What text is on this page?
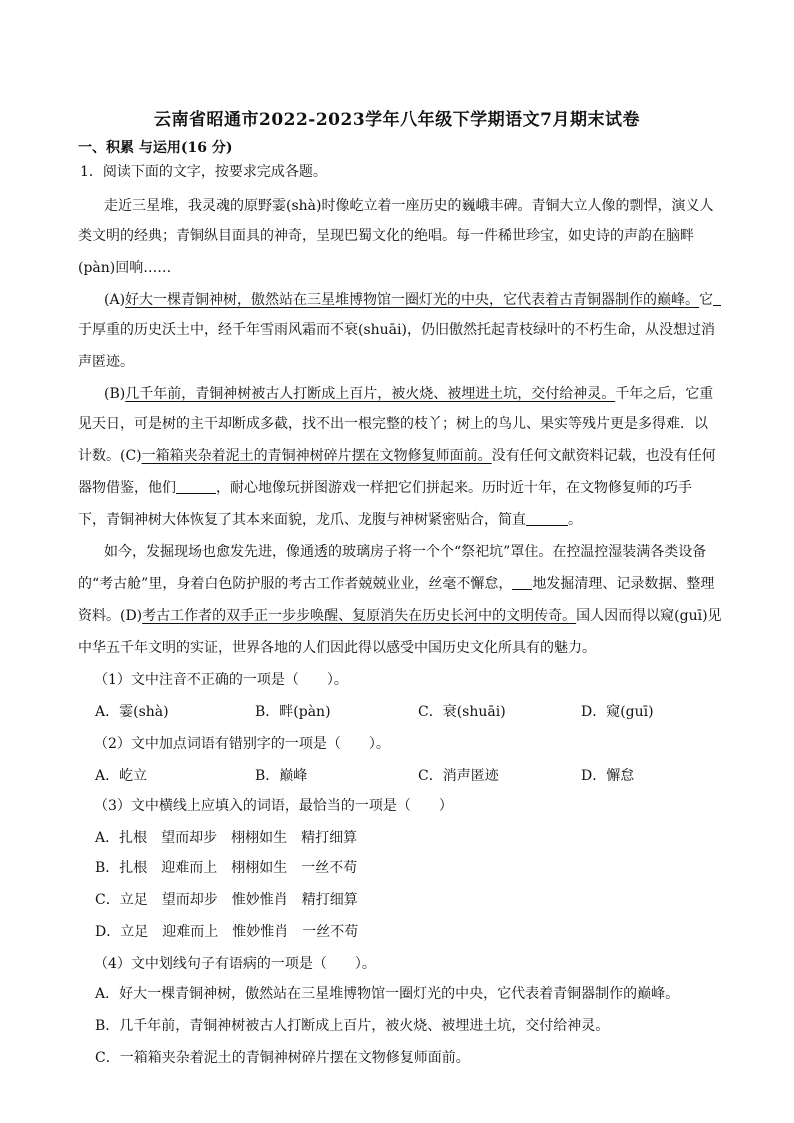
云南省昭通市2022-2023学年八年级下学期语文7月期末试卷
一、积累 与运用(16 分)
1．阅读下面的文字，按要求完成各题。
走近三星堆，我灵魂的原野霎(shà)时像屹立着一座历史的巍峨丰碑。青铜大立人像的剽悍，演义人
类文明的经典；青铜纵目面具的神奇，呈现巴蜀文化的绝唱。每一件稀世珍宝，如史诗的声韵在脑畔
(pàn)回响……
(A)好大一棵青铜神树，傲然站在三星堆博物馆一圈灯光的中央，它代表着古青铜器制作的巅峰。它
于厚重的历史沃土中，经千年雪雨风霜而不衰(shuāi)，仍旧傲然托起青枝绿叶的不朽生命，从没想过消
声匿迹。
(B)几千年前，青铜神树被古人打断成上百片，被火烧、被埋进土坑，交付给神灵。千年之后，它重
见天日，可是树的主干却断成多截，找不出一根完整的枝丫；树上的鸟儿、果实等残片更是多得难．以
计数。(C)一箱箱夹杂着泥土的青铜神树碎片摆在文物修复师面前。没有任何文献资料记载，也没有任何
器物借鉴，他们	，耐心地像玩拼图游戏一样把它们拼起来。历时近十年，在文物修复师的巧手
下，青铜神树大体恢复了其本来面貌，龙爪、龙腹与神树紧密贴合，简直	。
如今，发掘现场也愈发先进，像通透的玻璃房子将一个个“祭祀坑”罩住。在控温控湿装满各类设备
的“考古舱”里，身着白色防护服的考古工作者兢兢业业，丝毫不懈怠， 地发掘清理、记录数据、整理
资料。(D)考古工作者的双手正一步步唤醒、复原消失在历史长河中的文明传奇。国人因而得以窥(guī)见
中华五千年文明的实证，世界各地的人们因此得以感受中国历史文化所具有的魅力。
（1）文中注音不正确的一项是（　　）。
A．霎(shà)	B．畔(pàn)	C．衰(shuāi)	D．窥(guī)
（2）文中加点词语有错别字的一项是（　　）。
A．屹立	B．巅峰	C．消声匿迹	D．懈怠
（3）文中横线上应填入的词语，最恰当的一项是（　　）
A．扎根　望而却步　栩栩如生　精打细算
B．扎根　迎难而上　栩栩如生　一丝不苟
C．立足　望而却步　惟妙惟肖　精打细算
D．立足　迎难而上　惟妙惟肖　一丝不苟
（4）文中划线句子有语病的一项是（　　）。
A．好大一棵青铜神树，傲然站在三星堆博物馆一圈灯光的中央，它代表着青铜器制作的巅峰。
B．几千年前，青铜神树被古人打断成上百片，被火烧、被埋进土坑，交付给神灵。
C．一箱箱夹杂着泥土的青铜神树碎片摆在文物修复师面前。
